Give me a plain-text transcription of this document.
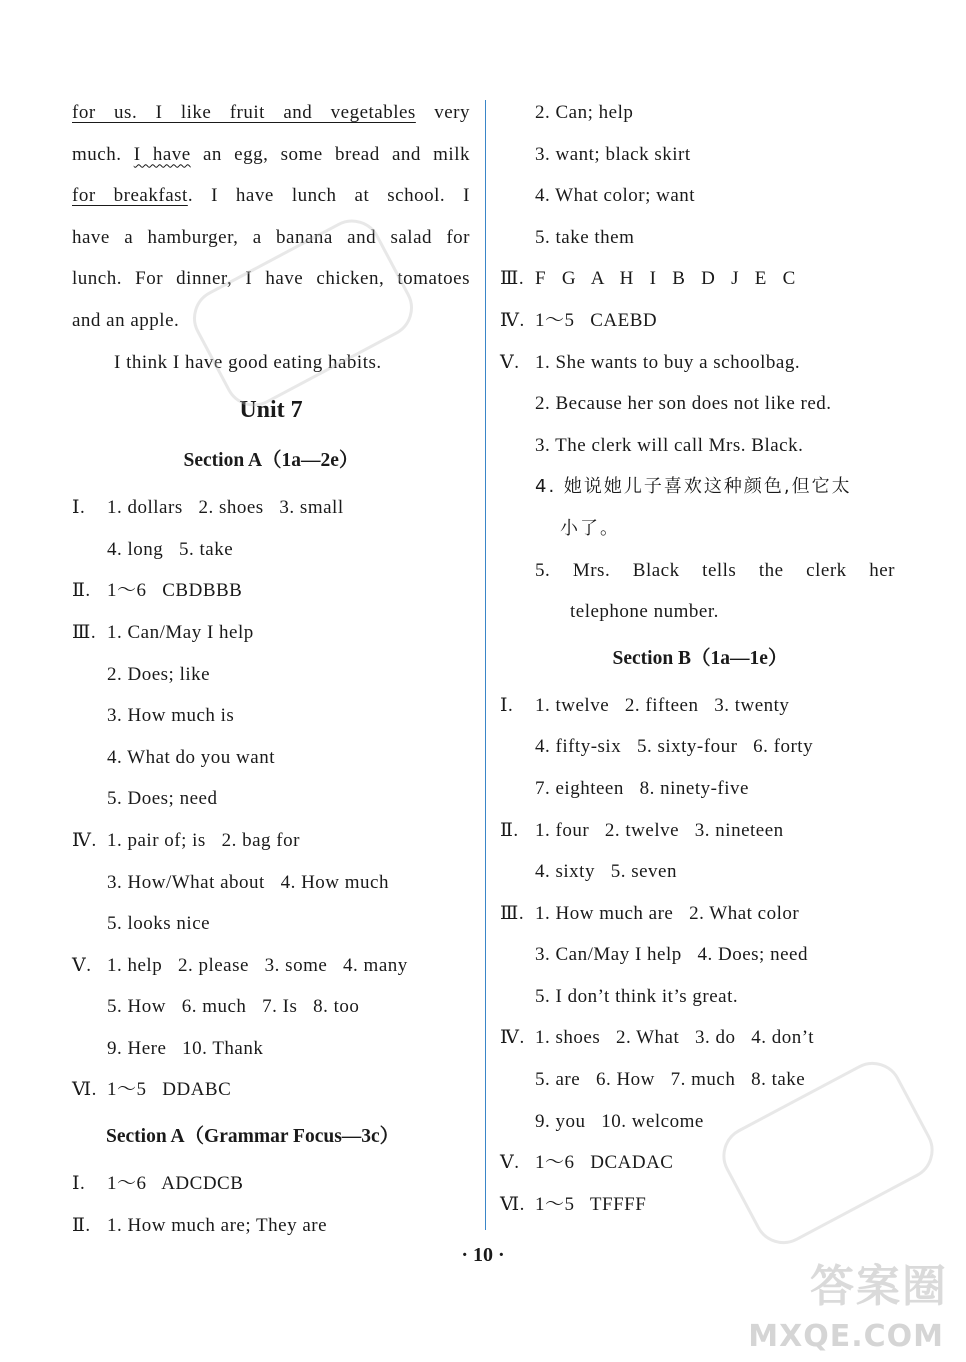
for us. I like fruit and vegetables very
much. I have an egg, some bread and milk
for breakfast. I have lunch at school. I
have a hamburger, a banana and salad for
lunch. For dinner, I have chicken, tomatoes
and an apple.
I think I have good eating habits.
Unit 7
Section A（1a—2e）
Ⅰ. 1. dollars   2. shoes   3. small
4. long   5. take
Ⅱ. 1～6   CBDBBB
Ⅲ. 1. Can/May I help
2. Does; like
3. How much is
4. What do you want
5. Does; need
Ⅳ. 1. pair of; is   2. bag for
3. How/What about   4. How much
5. looks nice
Ⅴ. 1. help   2. please   3. some   4. many
5. How   6. much   7. Is   8. too
9. Here   10. Thank
Ⅵ. 1～5   DDABC
Section A（Grammar Focus—3c）
Ⅰ. 1～6   ADCDCB
Ⅱ. 1. How much are; They are
2. Can; help
3. want; black skirt
4. What color; want
5. take them
Ⅲ. F   G   A   H   I   B   D   J   E   C
Ⅳ. 1～5   CAEBD
Ⅴ. 1. She wants to buy a schoolbag.
2. Because her son does not like red.
3. The clerk will call Mrs. Black.
4. 她说她儿子喜欢这种颜色,但它太
小了。
5. Mrs. Black tells the clerk her
telephone number.
Section B（1a—1e）
Ⅰ. 1. twelve   2. fifteen   3. twenty
4. fifty-six   5. sixty-four   6. forty
7. eighteen   8. ninety-five
Ⅱ. 1. four   2. twelve   3. nineteen
4. sixty   5. seven
Ⅲ. 1. How much are   2. What color
3. Can/May I help   4. Does; need
5. I don’t think it’s great.
Ⅳ. 1. shoes   2. What   3. do   4. don’t
5. are   6. How   7. much   8. take
9. you   10. welcome
Ⅴ. 1～6   DCADAC
Ⅵ. 1～5   TFFFF
· 10 ·
答案圈
MXQE.COM
